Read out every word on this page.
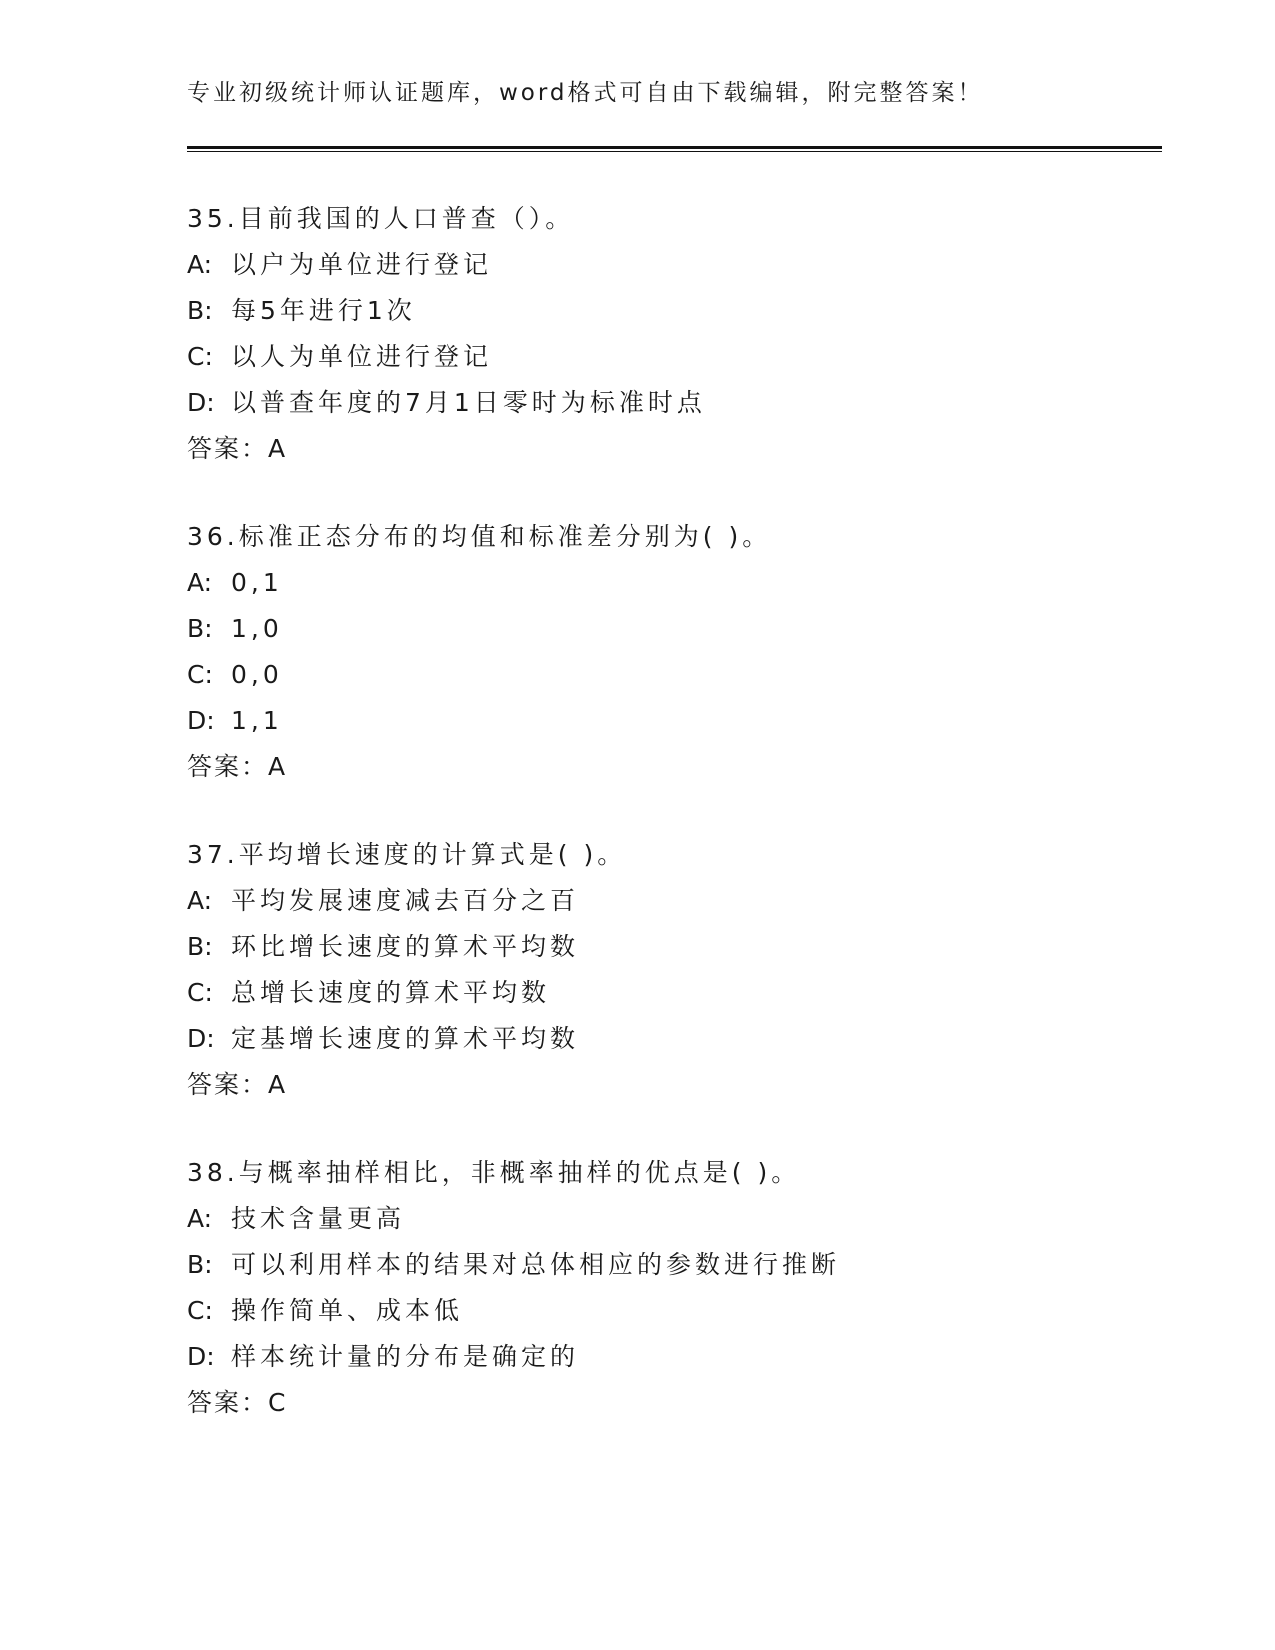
专业初级统计师认证题库，word格式可自由下载编辑，附完整答案！
35.目前我国的人口普查（）。
A: 以户为单位进行登记
B: 每5年进行1次
C: 以人为单位进行登记
D: 以普查年度的7月1日零时为标准时点
答案：A
36.标准正态分布的均值和标准差分别为( )。
A: 0,1
B: 1,0
C: 0,0
D: 1,1
答案：A
37.平均增长速度的计算式是( )。
A: 平均发展速度减去百分之百
B: 环比增长速度的算术平均数
C: 总增长速度的算术平均数
D: 定基增长速度的算术平均数
答案：A
38.与概率抽样相比，非概率抽样的优点是( )。
A: 技术含量更高
B: 可以利用样本的结果对总体相应的参数进行推断
C: 操作简单、成本低
D: 样本统计量的分布是确定的
答案：C
